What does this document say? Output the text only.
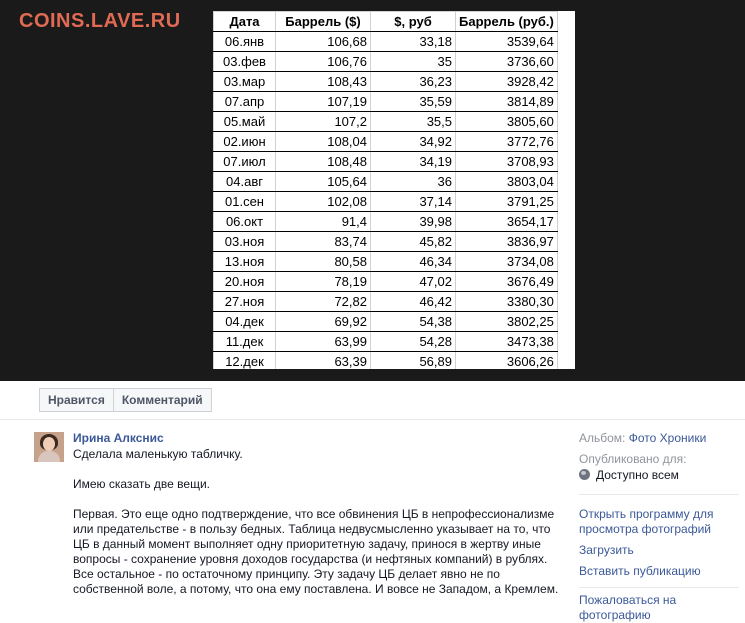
COINS.LAVE.RU	Дата	Баррель ($)	$, руб	Баррель (руб.)
06.янв	106,68	33,18	3539,64
03.фев	106,76	35	3736,60
03.мар	108,43	36,23	3928,42
07.апр	107,19	35,59	3814,89
05.май	107,2	35,5	3805,60
02.июн	108,04	34,92	3772,76
07.июл	108,48	34,19	3708,93
04.авг	105,64	36	3803,04
01.сен	102,08	37,14	3791,25
06.окт	91,4	39,98	3654,17
03.ноя	83,74	45,82	3836,97
13.ноя	80,58	46,34	3734,08
20.ноя	78,19	47,02	3676,49
27.ноя	72,82	46,42	3380,30
04.дек	69,92	54,38	3802,25
11.дек	63,99	54,28	3473,38
12.дек	63,39	56,89	3606,26
Нравится	Комментарий
Ирина Алкснис

Сделала маленькую табличку.

Имею сказать две вещи.

Первая. Это еще одно подтверждение, что все обвинения ЦБ в непрофессионализме или предательстве - в пользу бедных. Таблица недвусмысленно указывает на то, что ЦБ в данный момент выполняет одну приоритетную задачу, принося в жертву иные вопросы - сохранение уровня доходов государства (и нефтяных компаний) в рублях. Все остальное - по остаточному принципу. Эту задачу ЦБ делает явно не по собственной воле, а потому, что она ему поставлена. И вовсе не Западом, а Кремлем.

Альбом: Фото Хроники
Опубликовано для:
Доступно всем
Открыть программу для просмотра фотографий
Загрузить
Вставить публикацию
Пожаловаться на фотографию
